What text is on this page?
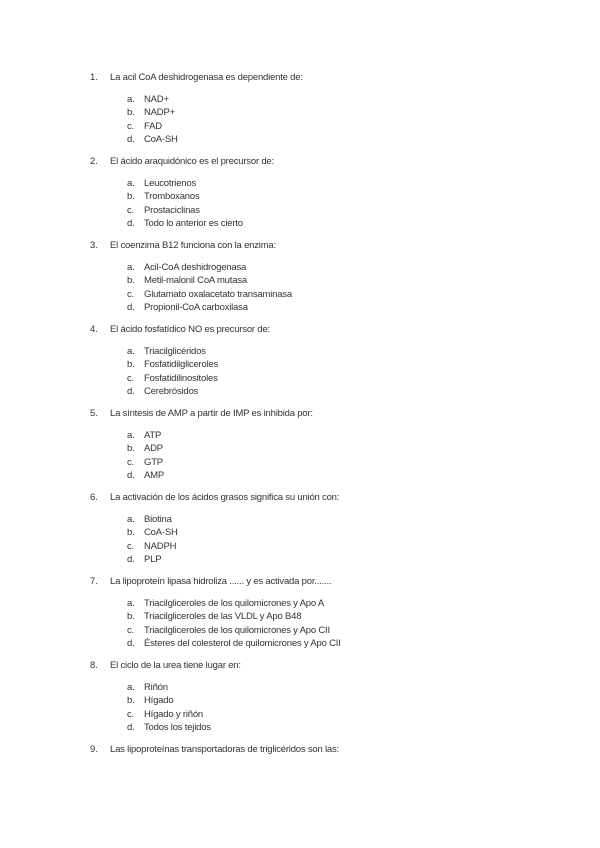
1. La acil CoA deshidrogenasa es dependiente de:
a. NAD+
b. NADP+
c. FAD
d. CoA-SH
2. El ácido araquidónico es el precursor de:
a. Leucotrienos
b. Tromboxanos
c. Prostaciclinas
d. Todo lo anterior es cierto
3. El coenzima B12 funciona con la enzima:
a. Acil-CoA deshidrogenasa
b. Metil-malonil CoA mutasa
c. Glutamato oxalacetato transaminasa
d. Propionil-CoA carboxilasa
4. El ácido fosfatídico NO es precursor de:
a. Triacilglicéridos
b. Fosfatidilgliceroles
c. Fosfatidilinositoles
d. Cerebrósidos
5. La síntesis de AMP a partir de IMP es inhibida por:
a. ATP
b. ADP
c. GTP
d. AMP
6. La activación de los ácidos grasos significa su unión con:
a. Biotina
b. CoA-SH
c. NADPH
d. PLP
7. La lipoproteín lipasa hidroliza ...... y es activada por.......
a. Triacilgliceroles de los quilomicrones y Apo A
b. Triacilgliceroles de las VLDL y Apo B48
c. Triacilgliceroles de los quilomicrones y Apo CII
d. Ésteres del colesterol de quilomicrones y Apo CII
8. El ciclo de la urea tiene lugar en:
a. Riñón
b. Hígado
c. Hígado y riñón
d. Todos los tejidos
9. Las lipoproteínas transportadoras de triglicéridos son las:
